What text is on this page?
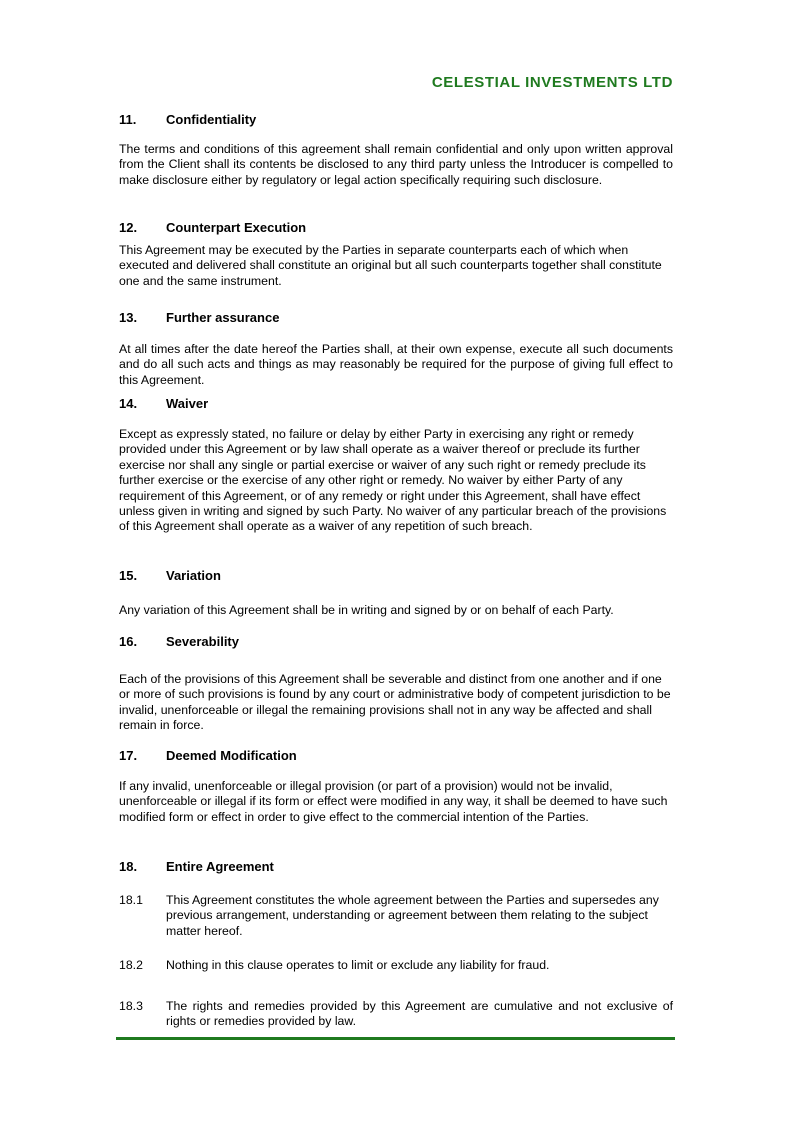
CELESTIAL INVESTMENTS LTD
11. Confidentiality
The terms and conditions of this agreement shall remain confidential and only upon written approval from the Client shall its contents be disclosed to any third party unless the Introducer is compelled to make disclosure either by regulatory or legal action specifically requiring such disclosure.
12. Counterpart Execution
This Agreement may be executed by the Parties in separate counterparts each of which when executed and delivered shall constitute an original but all such counterparts together shall constitute one and the same instrument.
13. Further assurance
At all times after the date hereof the Parties shall, at their own expense, execute all such documents and do all such acts and things as may reasonably be required for the purpose of giving full effect to this Agreement.
14. Waiver
Except as expressly stated, no failure or delay by either Party in exercising any right or remedy provided under this Agreement or by law shall operate as a waiver thereof or preclude its further exercise nor shall any single or partial exercise or waiver of any such right or remedy preclude its further exercise or the exercise of any other right or remedy. No waiver by either Party of any requirement of this Agreement, or of any remedy or right under this Agreement, shall have effect unless given in writing and signed by such Party. No waiver of any particular breach of the provisions of this Agreement shall operate as a waiver of any repetition of such breach.
15. Variation
Any variation of this Agreement shall be in writing and signed by or on behalf of each Party.
16. Severability
Each of the provisions of this Agreement shall be severable and distinct from one another and if one or more of such provisions is found by any court or administrative body of competent jurisdiction to be invalid, unenforceable or illegal the remaining provisions shall not in any way be affected and shall remain in force.
17. Deemed Modification
If any invalid, unenforceable or illegal provision (or part of a provision) would not be invalid, unenforceable or illegal if its form or effect were modified in any way, it shall be deemed to have such modified form or effect in order to give effect to the commercial intention of the Parties.
18. Entire Agreement
18.1 This Agreement constitutes the whole agreement between the Parties and supersedes any previous arrangement, understanding or agreement between them relating to the subject matter hereof.
18.2 Nothing in this clause operates to limit or exclude any liability for fraud.
18.3 The rights and remedies provided by this Agreement are cumulative and not exclusive of rights or remedies provided by law.
